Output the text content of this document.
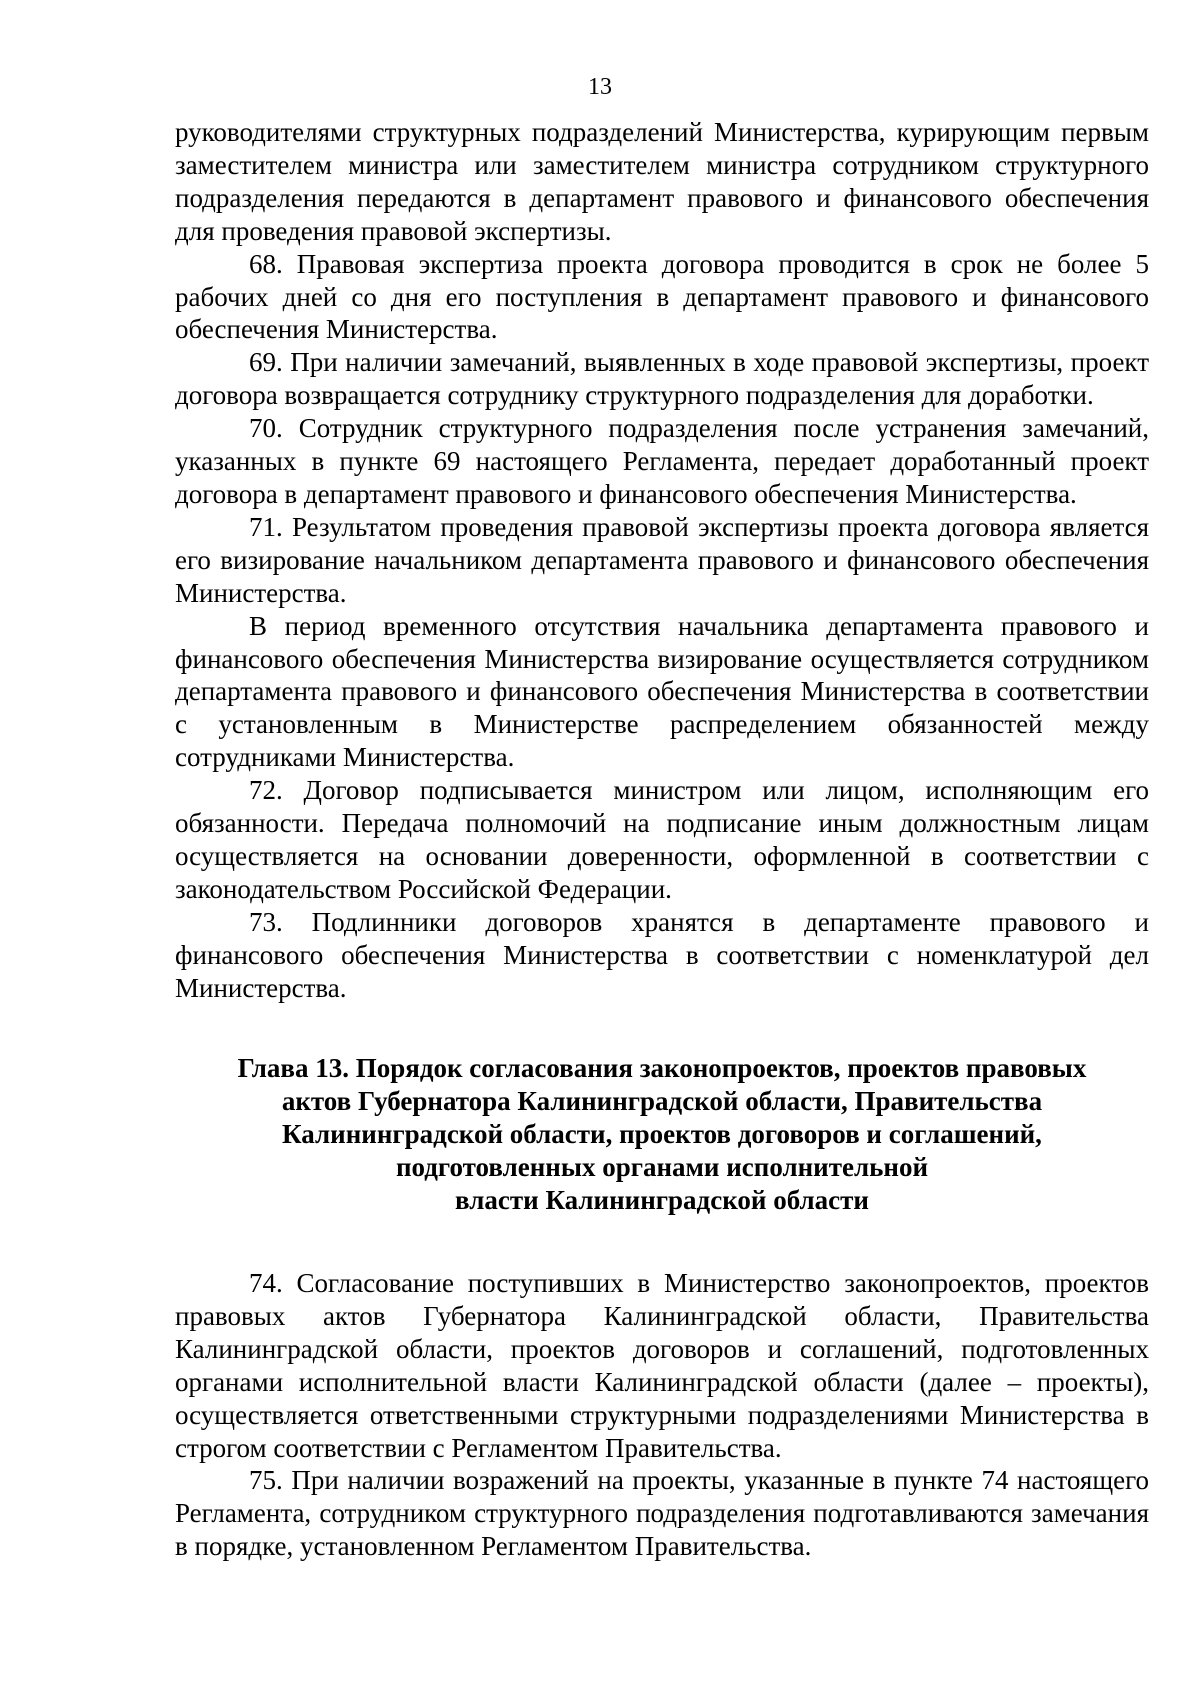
13

руководителями структурных подразделений Министерства, курирующим первым заместителем министра или заместителем министра сотрудником структурного подразделения передаются в департамент правового и финансового обеспечения для проведения правовой экспертизы.

68. Правовая экспертиза проекта договора проводится в срок не более 5 рабочих дней со дня его поступления в департамент правового и финансового обеспечения Министерства.

69. При наличии замечаний, выявленных в ходе правовой экспертизы, проект договора возвращается сотруднику структурного подразделения для доработки.

70. Сотрудник структурного подразделения после устранения замечаний, указанных в пункте 69 настоящего Регламента, передает доработанный проект договора в департамент правового и финансового обеспечения Министерства.

71. Результатом проведения правовой экспертизы проекта договора является его визирование начальником департамента правового и финансового обеспечения Министерства.

В период временного отсутствия начальника департамента правового и финансового обеспечения Министерства визирование осуществляется сотрудником департамента правового и финансового обеспечения Министерства в соответствии с установленным в Министерстве распределением обязанностей между сотрудниками Министерства.

72. Договор подписывается министром или лицом, исполняющим его обязанности. Передача полномочий на подписание иным должностным лицам осуществляется на основании доверенности, оформленной в соответствии с законодательством Российской Федерации.

73. Подлинники договоров хранятся в департаменте правового и финансового обеспечения Министерства в соответствии с номенклатурой дел Министерства.

Глава 13. Порядок согласования законопроектов, проектов правовых
актов Губернатора Калининградской области, Правительства
Калининградской области, проектов договоров и соглашений,
подготовленных органами исполнительной
власти Калининградской области

74. Согласование поступивших в Министерство законопроектов, проектов правовых актов Губернатора Калининградской области, Правительства Калининградской области, проектов договоров и соглашений, подготовленных органами исполнительной власти Калининградской области (далее – проекты), осуществляется ответственными структурными подразделениями Министерства в строгом соответствии с Регламентом Правительства.

75. При наличии возражений на проекты, указанные в пункте 74 настоящего Регламента, сотрудником структурного подразделения подготавливаются замечания в порядке, установленном Регламентом Правительства.
